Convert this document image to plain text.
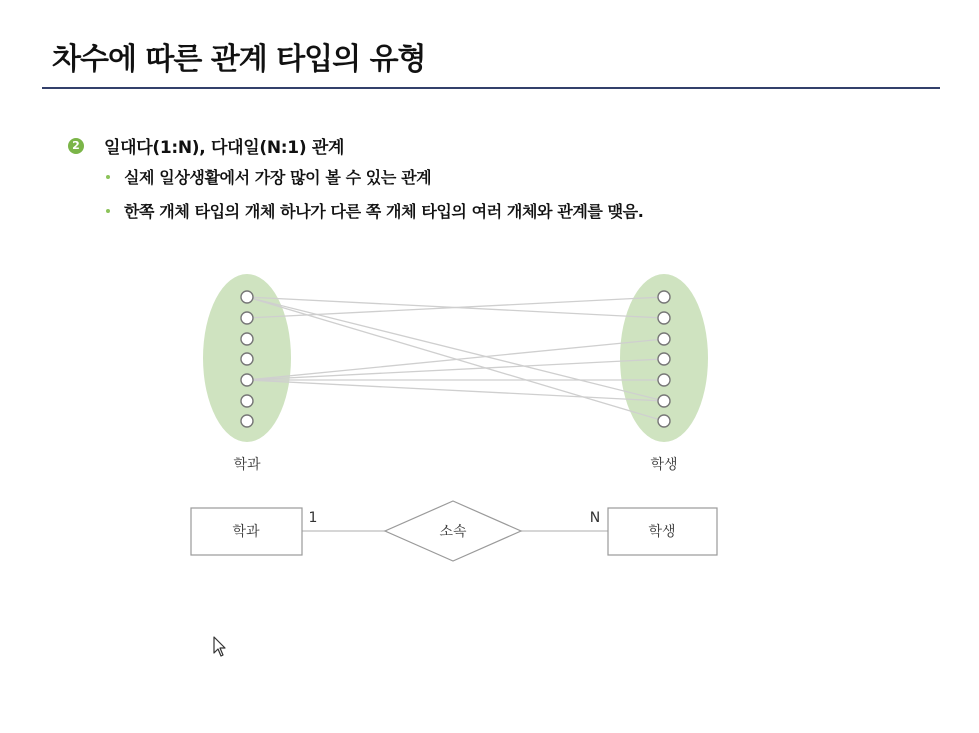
차수에 따른 관계 타입의 유형
2 일대다(1:N), 다대일(N:1) 관계
실제 일상생활에서 가장 많이 볼 수 있는 관계
한쪽 개체 타입의 개체 하나가 다른 쪽 개체 타입의 여러 개체와 관계를 맺음.
학과	학생
학과	소속	학생
1	N
